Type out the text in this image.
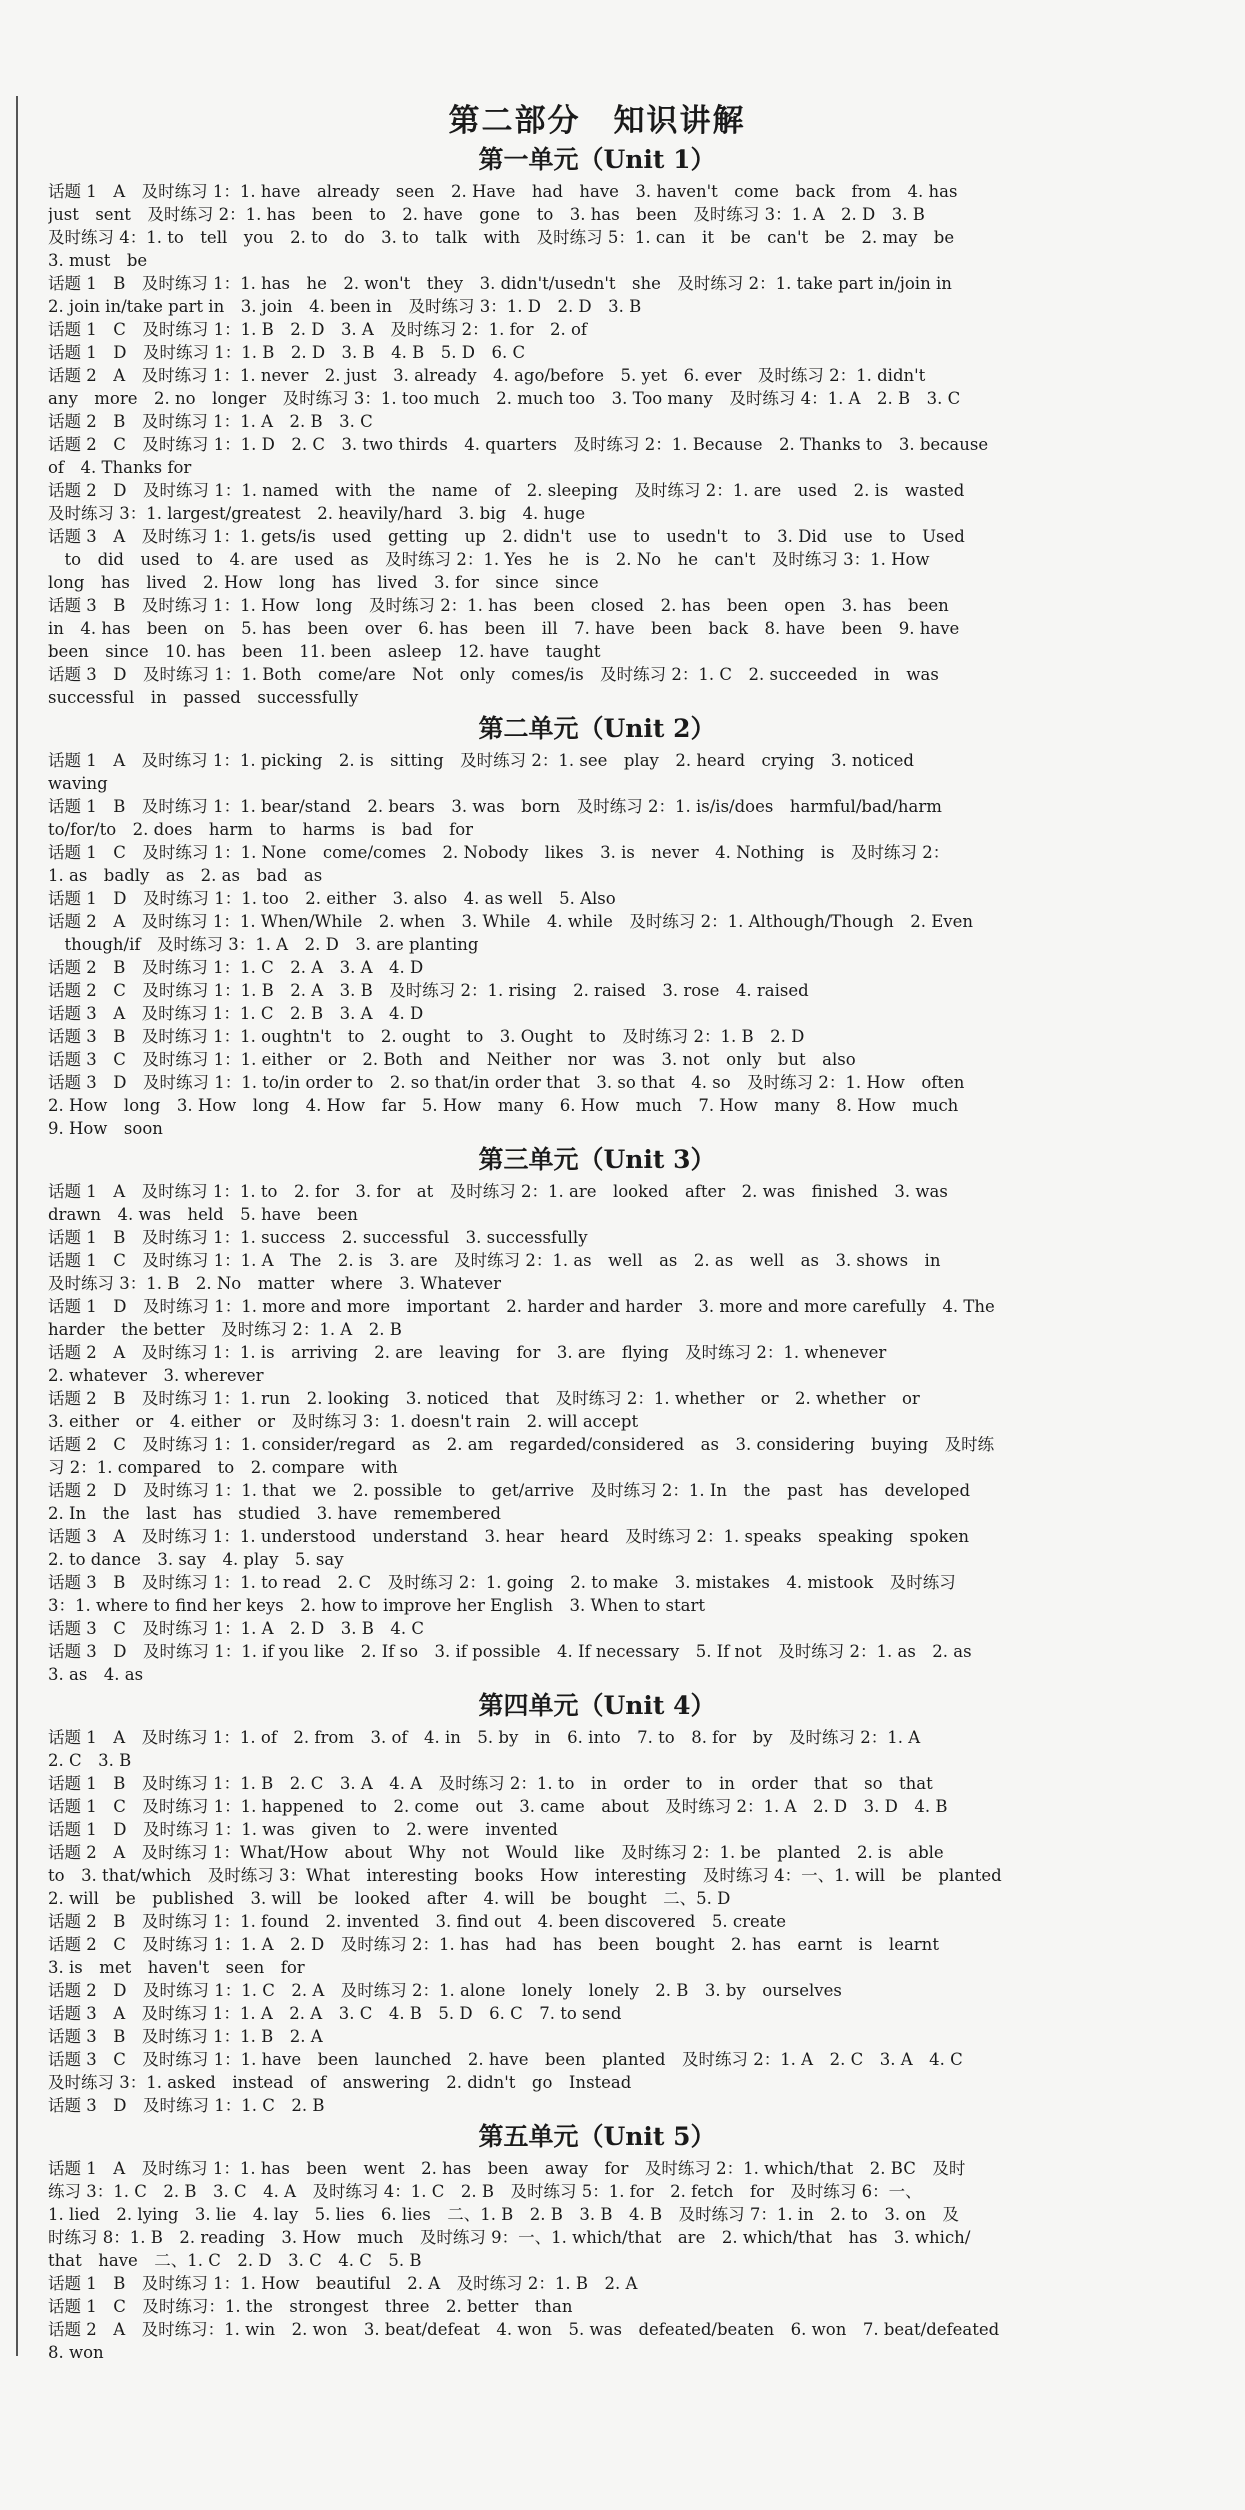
第二部分　知识讲解
第一单元（Unit 1）
话题 1　A　及时练习 1：1. have　already　seen　2. Have　had　have　3. haven't　come　back　from　4. has
just　sent　及时练习 2：1. has　been　to　2. have　gone　to　3. has　been　及时练习 3：1. A　2. D　3. B
及时练习 4：1. to　tell　you　2. to　do　3. to　talk　with　及时练习 5：1. can　it　be　can't　be　2. may　be
3. must　be
话题 1　B　及时练习 1：1. has　he　2. won't　they　3. didn't/usedn't　she　及时练习 2：1. take part in/join in
2. join in/take part in　3. join　4. been in　及时练习 3：1. D　2. D　3. B
话题 1　C　及时练习 1：1. B　2. D　3. A　及时练习 2：1. for　2. of
话题 1　D　及时练习 1：1. B　2. D　3. B　4. B　5. D　6. C
话题 2　A　及时练习 1：1. never　2. just　3. already　4. ago/before　5. yet　6. ever　及时练习 2：1. didn't
any　more　2. no　longer　及时练习 3：1. too much　2. much too　3. Too many　及时练习 4：1. A　2. B　3. C
话题 2　B　及时练习 1：1. A　2. B　3. C
话题 2　C　及时练习 1：1. D　2. C　3. two thirds　4. quarters　及时练习 2：1. Because　2. Thanks to　3. because
of　4. Thanks for
话题 2　D　及时练习 1：1. named　with　the　name　of　2. sleeping　及时练习 2：1. are　used　2. is　wasted
及时练习 3：1. largest/greatest　2. heavily/hard　3. big　4. huge
话题 3　A　及时练习 1：1. gets/is　used　getting　up　2. didn't　use　to　usedn't　to　3. Did　use　to　Used
　to　did　used　to　4. are　used　as　及时练习 2：1. Yes　he　is　2. No　he　can't　及时练习 3：1. How
long　has　lived　2. How　long　has　lived　3. for　since　since
话题 3　B　及时练习 1：1. How　long　及时练习 2：1. has　been　closed　2. has　been　open　3. has　been
in　4. has　been　on　5. has　been　over　6. has　been　ill　7. have　been　back　8. have　been　9. have
been　since　10. has　been　11. been　asleep　12. have　taught
话题 3　D　及时练习 1：1. Both　come/are　Not　only　comes/is　及时练习 2：1. C　2. succeeded　in　was
successful　in　passed　successfully
第二单元（Unit 2）
话题 1　A　及时练习 1：1. picking　2. is　sitting　及时练习 2：1. see　play　2. heard　crying　3. noticed
waving
话题 1　B　及时练习 1：1. bear/stand　2. bears　3. was　born　及时练习 2：1. is/is/does　harmful/bad/harm
to/for/to　2. does　harm　to　harms　is　bad　for
话题 1　C　及时练习 1：1. None　come/comes　2. Nobody　likes　3. is　never　4. Nothing　is　及时练习 2：
1. as　badly　as　2. as　bad　as
话题 1　D　及时练习 1：1. too　2. either　3. also　4. as well　5. Also
话题 2　A　及时练习 1：1. When/While　2. when　3. While　4. while　及时练习 2：1. Although/Though　2. Even
　though/if　及时练习 3：1. A　2. D　3. are planting
话题 2　B　及时练习 1：1. C　2. A　3. A　4. D
话题 2　C　及时练习 1：1. B　2. A　3. B　及时练习 2：1. rising　2. raised　3. rose　4. raised
话题 3　A　及时练习 1：1. C　2. B　3. A　4. D
话题 3　B　及时练习 1：1. oughtn't　to　2. ought　to　3. Ought　to　及时练习 2：1. B　2. D
话题 3　C　及时练习 1：1. either　or　2. Both　and　Neither　nor　was　3. not　only　but　also
话题 3　D　及时练习 1：1. to/in order to　2. so that/in order that　3. so that　4. so　及时练习 2：1. How　often
2. How　long　3. How　long　4. How　far　5. How　many　6. How　much　7. How　many　8. How　much
9. How　soon
第三单元（Unit 3）
话题 1　A　及时练习 1：1. to　2. for　3. for　at　及时练习 2：1. are　looked　after　2. was　finished　3. was
drawn　4. was　held　5. have　been
话题 1　B　及时练习 1：1. success　2. successful　3. successfully
话题 1　C　及时练习 1：1. A　The　2. is　3. are　及时练习 2：1. as　well　as　2. as　well　as　3. shows　in
及时练习 3：1. B　2. No　matter　where　3. Whatever
话题 1　D　及时练习 1：1. more and more　important　2. harder and harder　3. more and more carefully　4. The
harder　the better　及时练习 2：1. A　2. B
话题 2　A　及时练习 1：1. is　arriving　2. are　leaving　for　3. are　flying　及时练习 2：1. whenever
2. whatever　3. wherever
话题 2　B　及时练习 1：1. run　2. looking　3. noticed　that　及时练习 2：1. whether　or　2. whether　or
3. either　or　4. either　or　及时练习 3：1. doesn't rain　2. will accept
话题 2　C　及时练习 1：1. consider/regard　as　2. am　regarded/considered　as　3. considering　buying　及时练
习 2：1. compared　to　2. compare　with
话题 2　D　及时练习 1：1. that　we　2. possible　to　get/arrive　及时练习 2：1. In　the　past　has　developed
2. In　the　last　has　studied　3. have　remembered
话题 3　A　及时练习 1：1. understood　understand　3. hear　heard　及时练习 2：1. speaks　speaking　spoken
2. to dance　3. say　4. play　5. say
话题 3　B　及时练习 1：1. to read　2. C　及时练习 2：1. going　2. to make　3. mistakes　4. mistook　及时练习
3：1. where to find her keys　2. how to improve her English　3. When to start
话题 3　C　及时练习 1：1. A　2. D　3. B　4. C
话题 3　D　及时练习 1：1. if you like　2. If so　3. if possible　4. If necessary　5. If not　及时练习 2：1. as　2. as
3. as　4. as
第四单元（Unit 4）
话题 1　A　及时练习 1：1. of　2. from　3. of　4. in　5. by　in　6. into　7. to　8. for　by　及时练习 2：1. A
2. C　3. B
话题 1　B　及时练习 1：1. B　2. C　3. A　4. A　及时练习 2：1. to　in　order　to　in　order　that　so　that
话题 1　C　及时练习 1：1. happened　to　2. come　out　3. came　about　及时练习 2：1. A　2. D　3. D　4. B
话题 1　D　及时练习 1：1. was　given　to　2. were　invented
话题 2　A　及时练习 1：What/How　about　Why　not　Would　like　及时练习 2：1. be　planted　2. is　able
to　3. that/which　及时练习 3：What　interesting　books　How　interesting　及时练习 4：一、1. will　be　planted
2. will　be　published　3. will　be　looked　after　4. will　be　bought　二、5. D
话题 2　B　及时练习 1：1. found　2. invented　3. find out　4. been discovered　5. create
话题 2　C　及时练习 1：1. A　2. D　及时练习 2：1. has　had　has　been　bought　2. has　earnt　is　learnt
3. is　met　haven't　seen　for
话题 2　D　及时练习 1：1. C　2. A　及时练习 2：1. alone　lonely　lonely　2. B　3. by　ourselves
话题 3　A　及时练习 1：1. A　2. A　3. C　4. B　5. D　6. C　7. to send
话题 3　B　及时练习 1：1. B　2. A
话题 3　C　及时练习 1：1. have　been　launched　2. have　been　planted　及时练习 2：1. A　2. C　3. A　4. C
及时练习 3：1. asked　instead　of　answering　2. didn't　go　Instead
话题 3　D　及时练习 1：1. C　2. B
第五单元（Unit 5）
话题 1　A　及时练习 1：1. has　been　went　2. has　been　away　for　及时练习 2：1. which/that　2. BC　及时
练习 3：1. C　2. B　3. C　4. A　及时练习 4：1. C　2. B　及时练习 5：1. for　2. fetch　for　及时练习 6：一、
1. lied　2. lying　3. lie　4. lay　5. lies　6. lies　二、1. B　2. B　3. B　4. B　及时练习 7：1. in　2. to　3. on　及
时练习 8：1. B　2. reading　3. How　much　及时练习 9：一、1. which/that　are　2. which/that　has　3. which/
that　have　二、1. C　2. D　3. C　4. C　5. B
话题 1　B　及时练习 1：1. How　beautiful　2. A　及时练习 2：1. B　2. A
话题 1　C　及时练习：1. the　strongest　three　2. better　than
话题 2　A　及时练习：1. win　2. won　3. beat/defeat　4. won　5. was　defeated/beaten　6. won　7. beat/defeated
8. won
